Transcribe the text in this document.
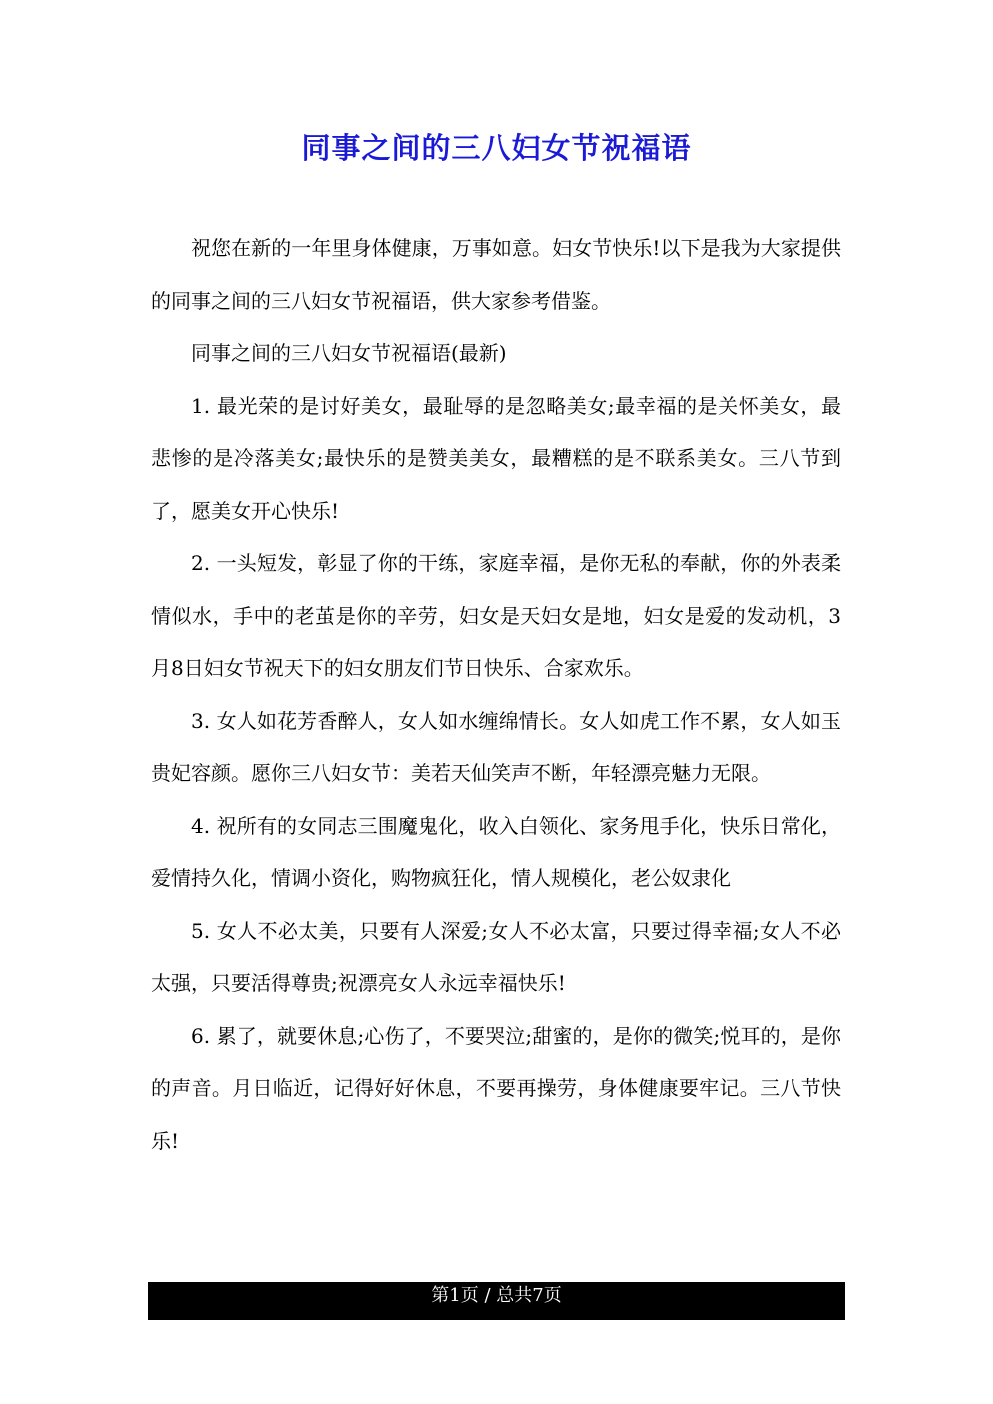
同事之间的三八妇女节祝福语

祝您在新的一年里身体健康，万事如意。妇女节快乐!以下是我为大家提供的同事之间的三八妇女节祝福语，供大家参考借鉴。

同事之间的三八妇女节祝福语(最新)

1. 最光荣的是讨好美女，最耻辱的是忽略美女;最幸福的是关怀美女，最悲惨的是冷落美女;最快乐的是赞美美女，最糟糕的是不联系美女。三八节到了，愿美女开心快乐!

2. 一头短发，彰显了你的干练，家庭幸福，是你无私的奉献，你的外表柔情似水，手中的老茧是你的辛劳，妇女是天妇女是地，妇女是爱的发动机，3月8日妇女节祝天下的妇女朋友们节日快乐、合家欢乐。

3. 女人如花芳香醉人，女人如水缠绵情长。女人如虎工作不累，女人如玉贵妃容颜。愿你三八妇女节：美若天仙笑声不断，年轻漂亮魅力无限。

4. 祝所有的女同志三围魔鬼化，收入白领化、家务甩手化，快乐日常化，爱情持久化，情调小资化，购物疯狂化，情人规模化，老公奴隶化

5. 女人不必太美，只要有人深爱;女人不必太富，只要过得幸福;女人不必太强，只要活得尊贵;祝漂亮女人永远幸福快乐!

6. 累了，就要休息;心伤了，不要哭泣;甜蜜的，是你的微笑;悦耳的，是你的声音。月日临近，记得好好休息，不要再操劳，身体健康要牢记。三八节快乐!

第1页 / 总共7页
